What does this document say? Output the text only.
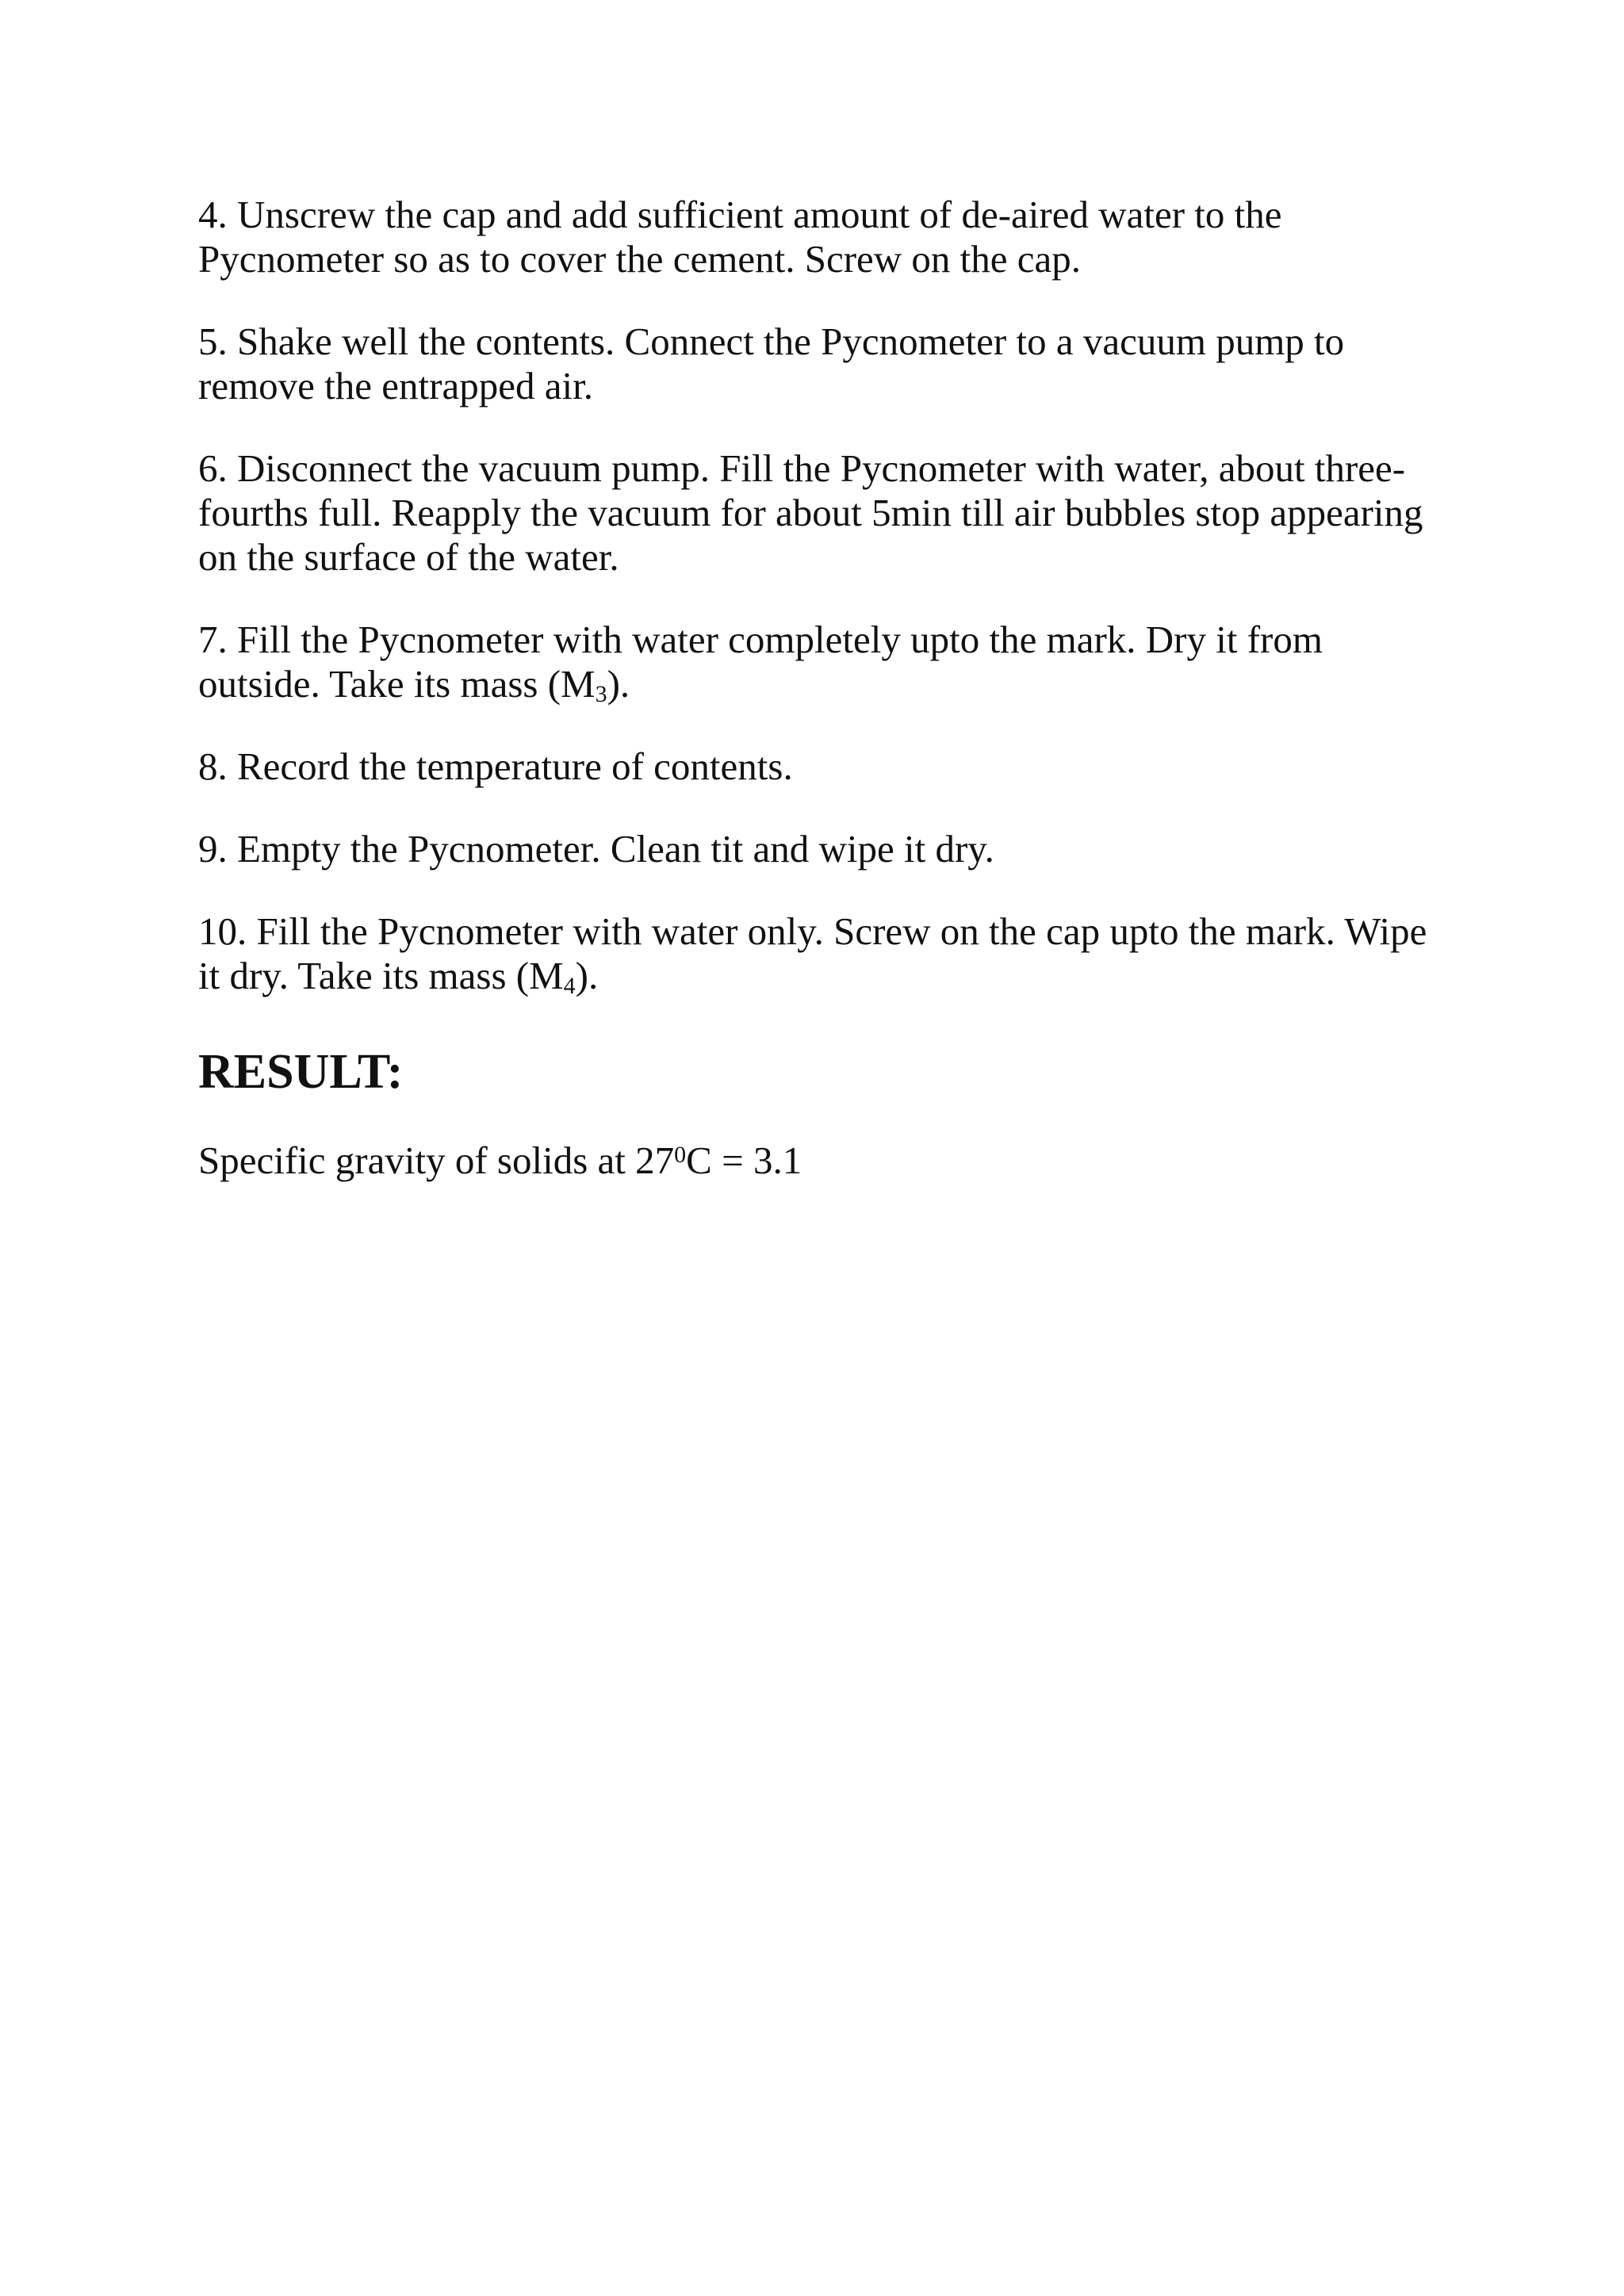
4. Unscrew the cap and add sufficient amount of de-aired water to the
Pycnometer so as to cover the cement. Screw on the cap.

5. Shake well the contents. Connect the Pycnometer to a vacuum pump to
remove the entrapped air.

6. Disconnect the vacuum pump. Fill the Pycnometer with water, about three-
fourths full. Reapply the vacuum for about 5min till air bubbles stop appearing
on the surface of the water.

7. Fill the Pycnometer with water completely upto the mark. Dry it from
outside. Take its mass $(M_3)$.

8. Record the temperature of contents.

9. Empty the Pycnometer. Clean tit and wipe it dry.

10. Fill the Pycnometer with water only. Screw on the cap upto the mark. Wipe
it dry. Take its mass $(M_4)$.

RESULT:

Specific gravity of solids at $27^0C = 3.1$
